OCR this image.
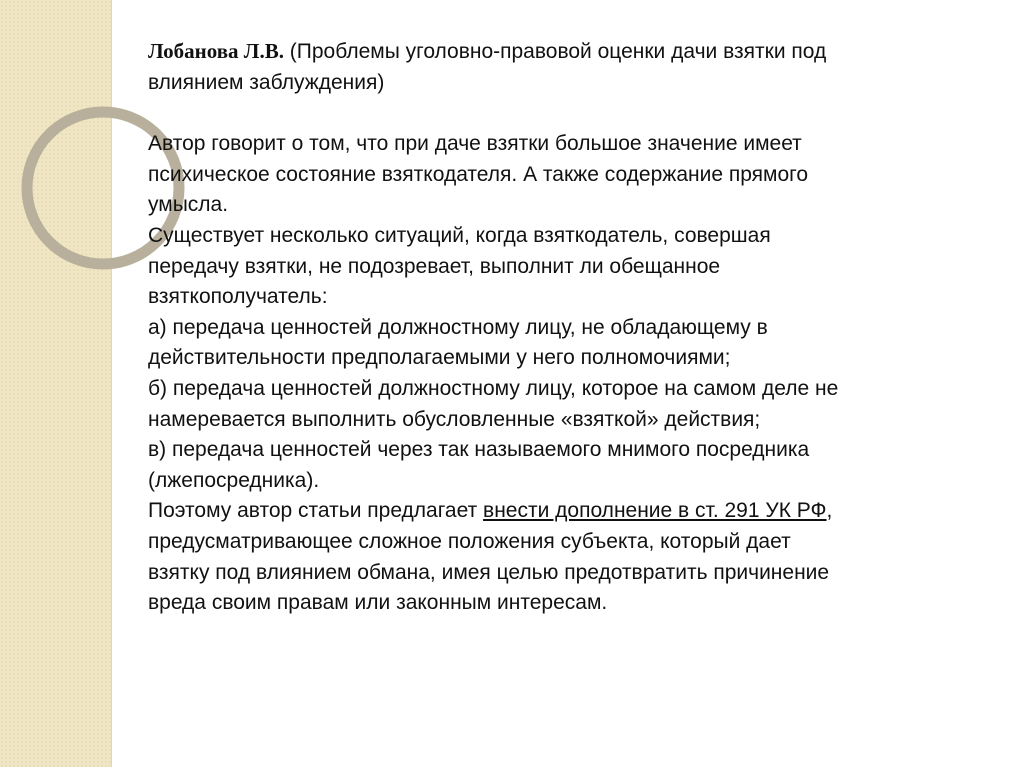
Лобанова Л.В. (Проблемы уголовно-правовой оценки дачи взятки под
влиянием заблуждения)
Автор говорит о том, что при даче взятки большое значение имеет
психическое состояние взяткодателя. А также содержание прямого
умысла.
Существует несколько ситуаций, когда взяткодатель, совершая
передачу взятки, не подозревает, выполнит ли обещанное
взяткополучатель:
а) передача ценностей должностному лицу, не обладающему в
действительности предполагаемыми у него полномочиями;
б) передача ценностей должностному лицу, которое на самом деле не
намеревается выполнить обусловленные «взяткой» действия;
в) передача ценностей через так называемого мнимого посредника
(лжепосредника).
Поэтому автор статьи предлагает внести дополнение в ст. 291 УК РФ,
предусматривающее сложное положения субъекта, который дает
взятку под влиянием обмана, имея целью предотвратить причинение
вреда своим правам или законным интересам.
